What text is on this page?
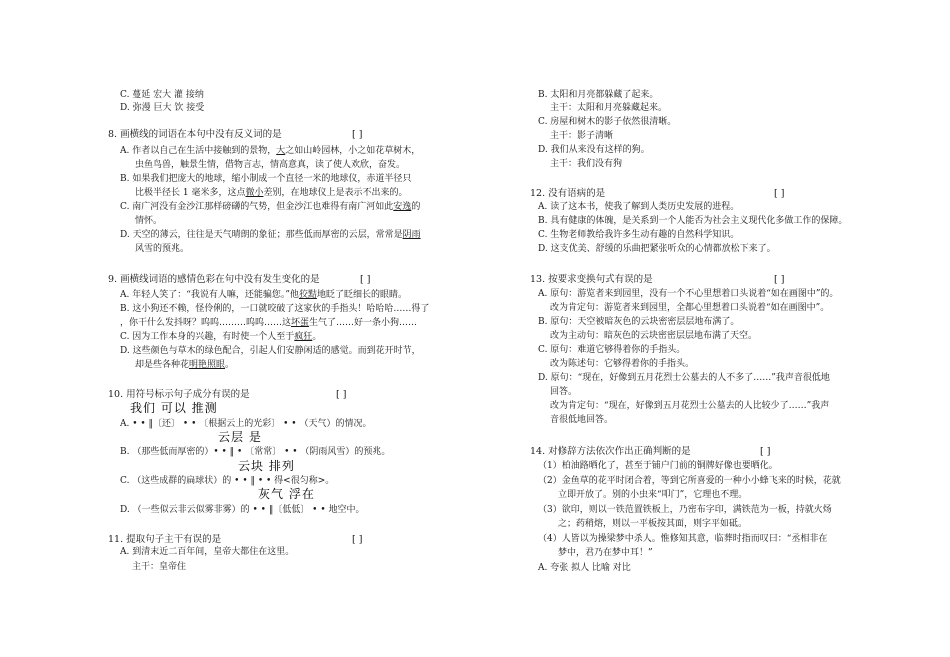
C. 蔓延 宏大 灌 接纳
D. 弥漫 巨大 饮 接受
8. 画横线的词语在本句中没有反义词的是	[ ]
A. 作者以自己在生活中接触到的景物，大之如山岭园林，小之如花草树木，
虫鱼鸟兽，触景生情，借物言志，情高意真，读了使人欢欣，奋发。
B. 如果我们把庞大的地球，缩小制成一个直径一米的地球仪，赤道半径只
比极半径长 1 毫米多，这点微小差别，在地球仪上是表示不出来的。
C. 南广河没有金沙江那样磅礴的气势，但金沙江也难得有南广河如此安逸的
情怀。
D. 天空的薄云，往往是天气晴朗的象征；那些低而厚密的云层，常常是阴雨
风雪的预兆。
9. 画横线词语的感情色彩在句中没有发生变化的是	[ ]
A. 年轻人笑了：“我说有人嘛，还能骗您。”他狡黠地眨了眨细长的眼睛。
B. 这小狗还不赖，怪伶俐的，一口就咬破了这家伙的手指头！哈哈哈……得了
，你干什么发抖呀？呜呜………呜呜……这坏蛋生气了……好一条小狗……
C. 因为工作本身的兴趣，有时使一个人至于疯狂。
D. 这些颜色与草木的绿色配合，引起人们安静闲适的感觉。而到花开时节，
却是些各种花明艳照眼。
10. 用符号标示句子成分有误的是	[ ]
我们 可以 推测
A. • • ‖〔还〕 • • 〔根据云上的光彩〕 • • （天气）的情况。
云层 是
B. （那些低而厚密的）• • ‖ • 〔常常〕 • • （阴雨风雪）的预兆。
云块 排列
C. （这些成群的扁球状）的 • • ‖ • • 得<很匀称>。
灰气 浮在
D. （一些似云非云似雾非雾）的 • • ‖〔低低〕 • • 地空中。
11. 提取句子主干有误的是	[ ]
A. 到清末近二百年间，皇帝大都住在这里。
主干：皇帝住
B. 太阳和月亮都躲藏了起来。
主干：太阳和月亮躲藏起来。
C. 房屋和树木的影子依然很清晰。
主干：影子清晰
D. 我们从来没有这样的狗。
主干：我们没有狗
12. 没有语病的是	[ ]
A. 读了这本书，使我了解到人类历史发展的进程。
B. 具有健康的体魄，是关系到一个人能否为社会主义现代化多做工作的保障。
C. 生物老师教给我许多生动有趣的自然科学知识。
D. 这支优美、舒缓的乐曲把紧张听众的心情都放松下来了。
13. 按要求变换句式有误的是	[ ]
A. 原句：游览者来到园里，没有一个不心里想着口头说着“如在画图中”的。
改为肯定句：游览者来到园里，全都心里想着口头说着“如在画图中”。
B. 原句：天空被暗灰色的云块密密层层地布满了。
改为主动句：暗灰色的云块密密层层地布满了天空。
C. 原句：难道它够得着你的手指头。
改为陈述句：它够得着你的手指头。
D. 原句：“现在，好像到五月花烈士公墓去的人不多了……”我声音很低地
回答。
改为肯定句：“现在，好像到五月花烈士公墓去的人比较少了……”我声
音很低地回答。
14. 对修辞方法依次作出正确判断的是	[ ]
（1）柏油路晒化了，甚至于铺户门前的铜牌好像也要晒化。
（2）金鱼草的花平时闭合着，等到它所喜爱的一种小小蜂飞来的时候，花就
立即开放了。别的小虫来“叩门”，它理也不理。
（3）欲印，则以一铁范置铁板上，乃密布字印，满铁范为一板，持就火炀
之；药稍熔，则以一平板按其面，则字平如砥。
（4）人皆以为操梁梦中杀人。惟修知其意，临葬时指而叹曰：“丞相非在
梦中，君乃在梦中耳！”
A. 夸张 拟人 比喻 对比
